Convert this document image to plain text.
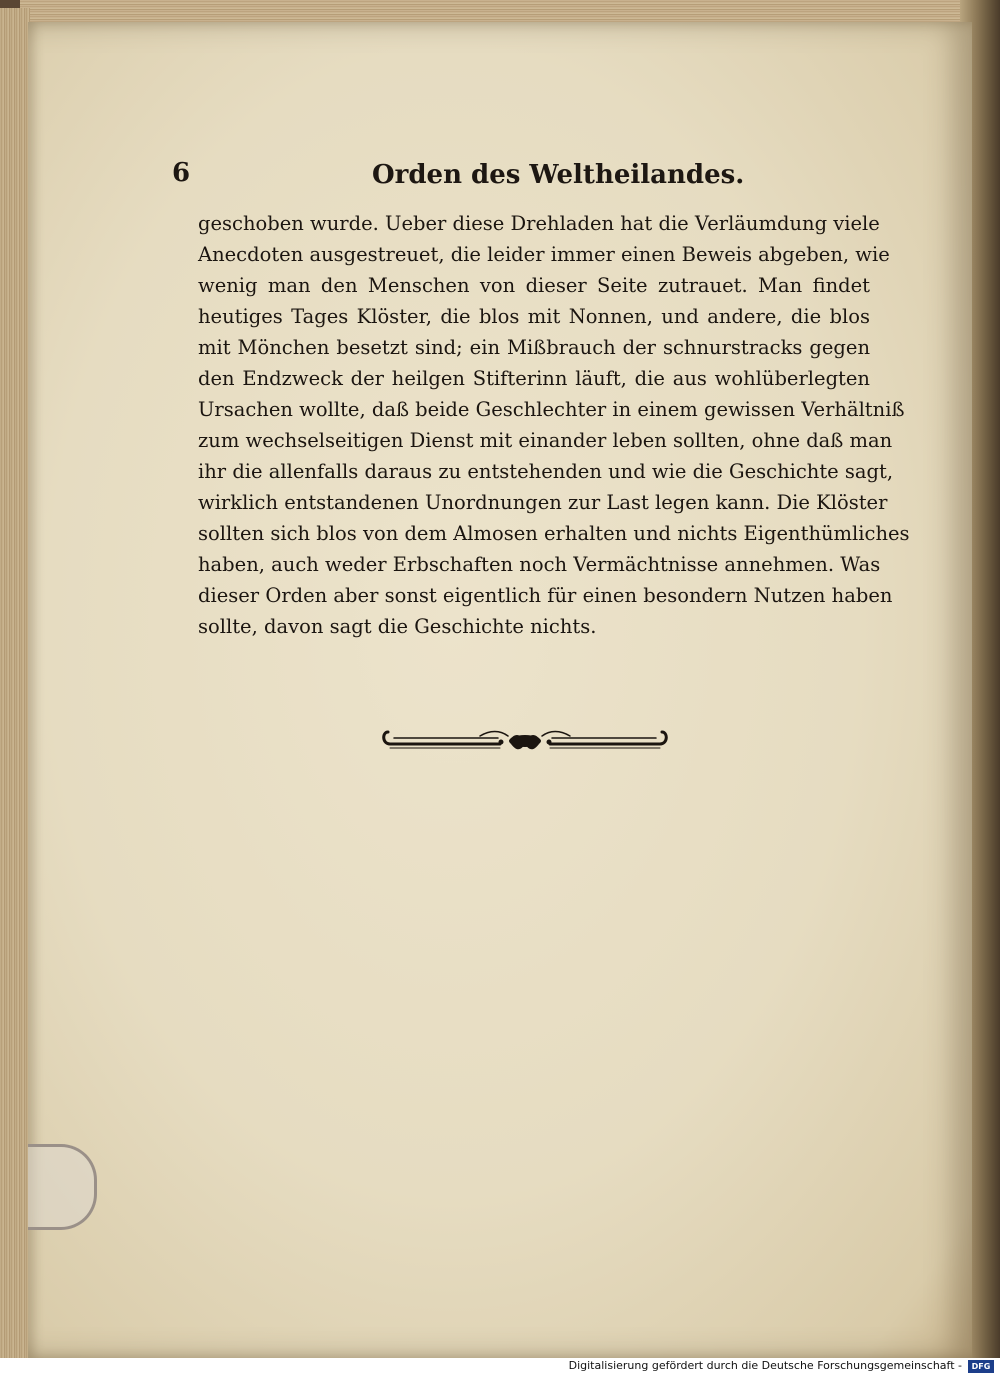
6	Orden des Weltheilandes.
geschoben wurde. Ueber diese Drehladen hat die Verläumdung viele
Anecdoten ausgestreuet, die leider immer einen Beweis abgeben, wie
wenig man den Menschen von dieser Seite zutrauet. Man findet
heutiges Tages Klöster, die blos mit Nonnen, und andere, die blos
mit Mönchen besetzt sind; ein Mißbrauch der schnurstracks gegen
den Endzweck der heilgen Stifterinn läuft, die aus wohlüberlegten
Ursachen wollte, daß beide Geschlechter in einem gewissen Verhältniß
zum wechselseitigen Dienst mit einander leben sollten, ohne daß man
ihr die allenfalls daraus zu entstehenden und wie die Geschichte sagt,
wirklich entstandenen Unordnungen zur Last legen kann. Die Klöster
sollten sich blos von dem Almosen erhalten und nichts Eigenthümliches
haben, auch weder Erbschaften noch Vermächtnisse annehmen. Was
dieser Orden aber sonst eigentlich für einen besondern Nutzen haben
sollte, davon sagt die Geschichte nichts.
Digitalisierung gefördert durch die Deutsche Forschungsgemeinschaft -	DFG
